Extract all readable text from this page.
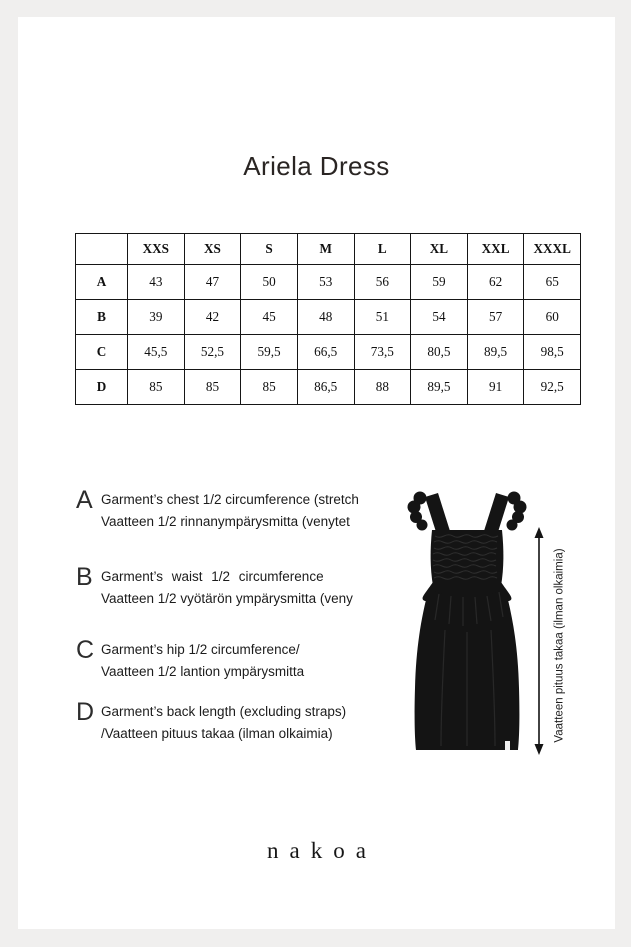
Ariela Dress
	XXS	XS	S	M	L	XL	XXL	XXXL
A	43	47	50	53	56	59	62	65
B	39	42	45	48	51	54	57	60
C	45,5	52,5	59,5	66,5	73,5	80,5	89,5	98,5
D	85	85	85	86,5	88	89,5	91	92,5
A Garment’s chest 1/2 circumference (stretch
Vaatteen 1/2 rinnanympärysmitta (venytet
B Garment’s waist 1/2 circumference
Vaatteen 1/2 vyötärön ympärysmitta (veny
C Garment’s hip 1/2 circumference/
Vaatteen 1/2 lantion ympärysmitta
D Garment’s back length (excluding straps)
/Vaatteen pituus takaa (ilman olkaimia)	Vaatteen pituus takaa (ilman olkaimia)
nakoa
